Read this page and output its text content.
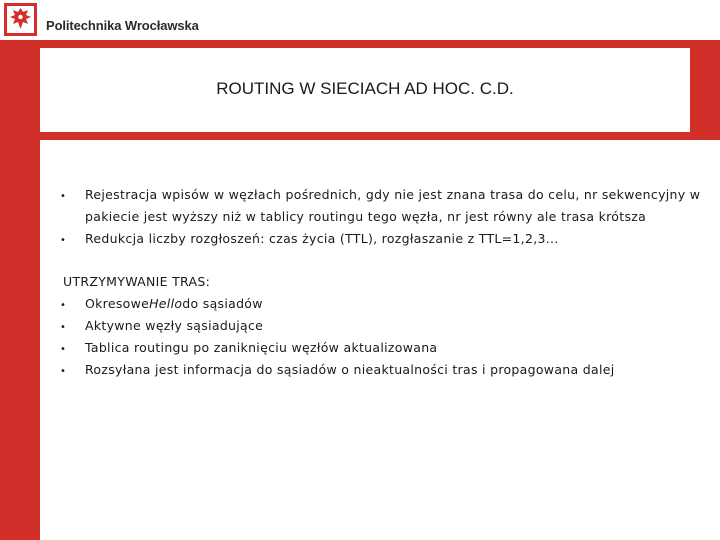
Politechnika Wrocławska
ROUTING W SIECIACH AD HOC. C.D.
• Rejestracja wpisów w węzłach pośrednich, gdy nie jest znana trasa do celu, nr sekwencyjny w
pakiecie jest wyższy niż w tablicy routingu tego węzła, nr jest równy ale trasa krótsza
• Redukcja liczby rozgłoszeń: czas życia (TTL), rozgłaszanie z TTL=1,2,3...
UTRZYMYWANIE TRAS:
• OkresoweHellodo sąsiadów
• Aktywne węzły sąsiadujące
• Tablica routingu po zaniknięciu węzłów aktualizowana
• Rozsyłana jest informacja do sąsiadów o nieaktualności tras i propagowana dalej
